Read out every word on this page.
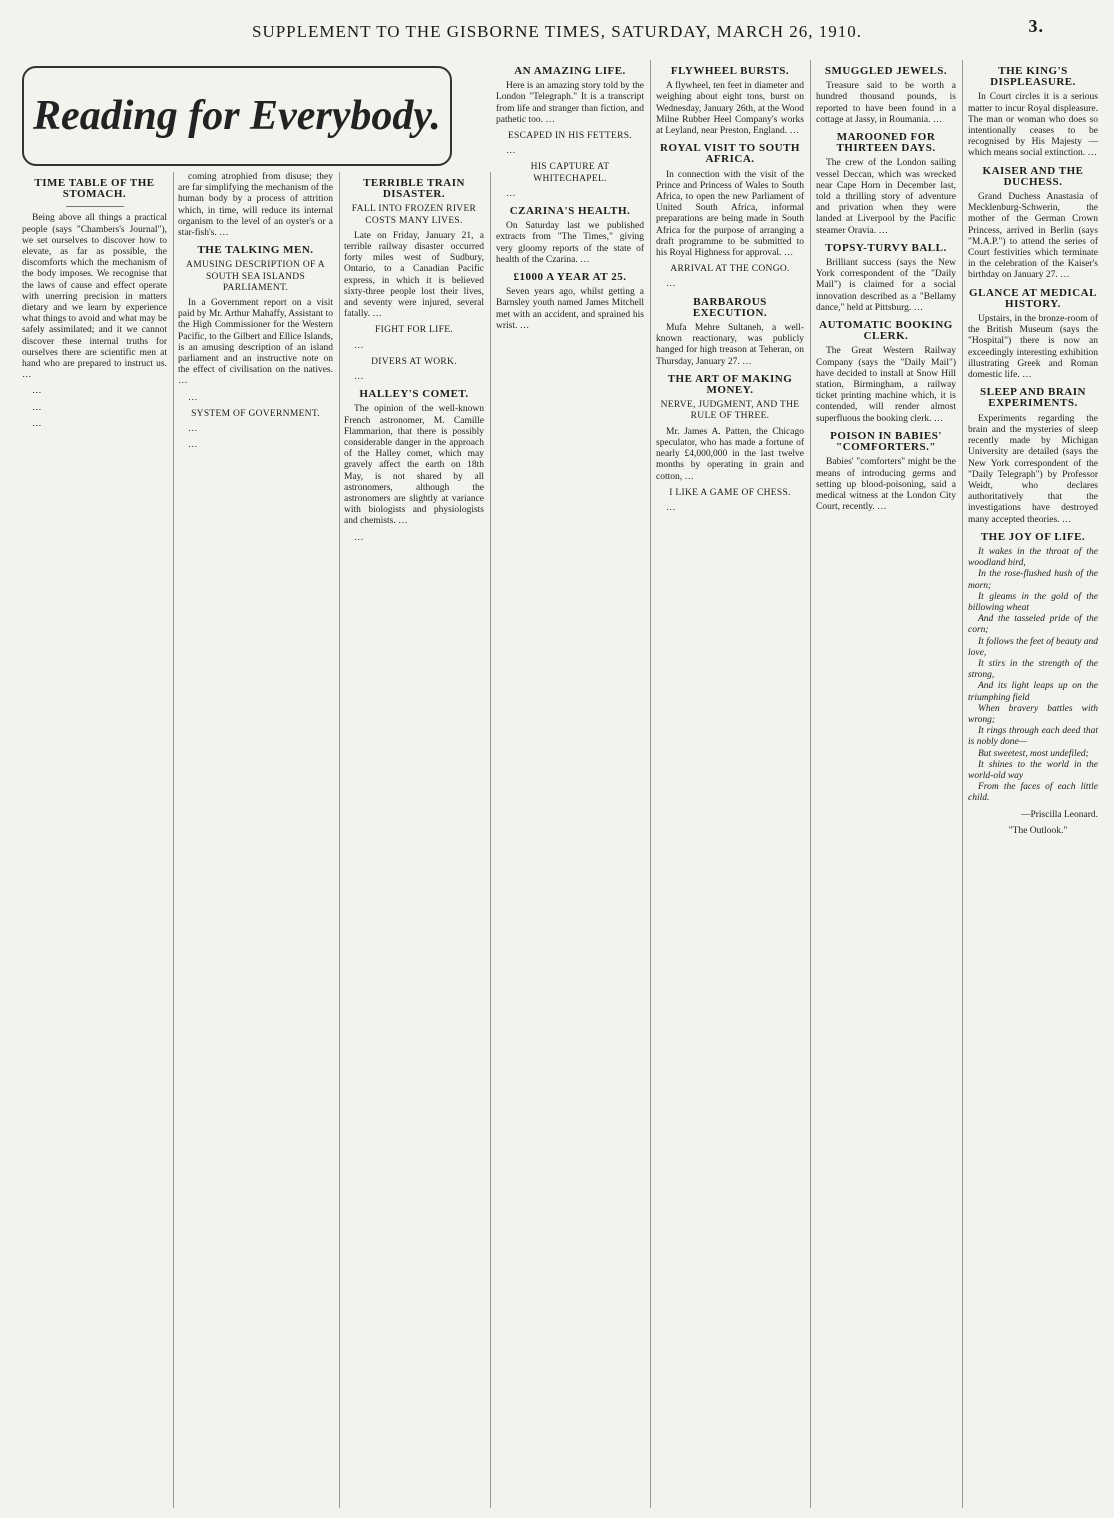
SUPPLEMENT TO THE GISBORNE TIMES, SATURDAY, MARCH 26, 1910.	3.
Reading for Everybody.
TIME TABLE OF THE STOMACH.

Being above all things a practical people (says "Chambers's Journal"), we set ourselves to discover how to elevate, as far as possible, the discomforts which the mechanism of the body imposes. We recognise that the laws of cause and effect operate with unerring precision in matters dietary and we learn by experience what things to avoid and what may be safely assimilated; and it we cannot discover these internal truths for ourselves there are scientific men at hand who are prepared to instruct us. …

…

…

…

coming atrophied from disuse; they are far simplifying the mechanism of the human body by a process of attrition which, in time, will reduce its internal organism to the level of an oyster's or a star-fish's. …

THE TALKING MEN.
AMUSING DESCRIPTION OF A SOUTH SEA ISLANDS PARLIAMENT.

In a Government report on a visit paid by Mr. Arthur Mahaffy, Assistant to the High Commissioner for the Western Pacific, to the Gilbert and Ellice Islands, is an amusing description of an island parliament and an instructive note on the effect of civilisation on the natives. …

…

SYSTEM OF GOVERNMENT.

…

…

TERRIBLE TRAIN DISASTER.
FALL INTO FROZEN RIVER COSTS MANY LIVES.

Late on Friday, January 21, a terrible railway disaster occurred forty miles west of Sudbury, Ontario, to a Canadian Pacific express, in which it is believed sixty-three people lost their lives, and seventy were injured, several fatally. …

FIGHT FOR LIFE.

…

DIVERS AT WORK.

…

HALLEY'S COMET.

The opinion of the well-known French astronomer, M. Camille Flammarion, that there is possibly considerable danger in the approach of the Halley comet, which may gravely affect the earth on 18th May, is not shared by all astronomers, although the astronomers are slightly at variance with biologists and physiologists and chemists. …

…

AN AMAZING LIFE.

Here is an amazing story told by the London "Telegraph." It is a transcript from life and stranger than fiction, and pathetic too. …

ESCAPED IN HIS FETTERS.

…

HIS CAPTURE AT WHITECHAPEL.

…

CZARINA'S HEALTH.

On Saturday last we published extracts from "The Times," giving very gloomy reports of the state of health of the Czarina. …

£1000 A YEAR AT 25.

Seven years ago, whilst getting a Barnsley youth named James Mitchell met with an accident, and sprained his wrist. …

FLYWHEEL BURSTS.

A flywheel, ten feet in diameter and weighing about eight tons, burst on Wednesday, January 26th, at the Wood Milne Rubber Heel Company's works at Leyland, near Preston, England. …

ROYAL VISIT TO SOUTH AFRICA.

In connection with the visit of the Prince and Princess of Wales to South Africa, to open the new Parliament of United South Africa, informal preparations are being made in South Africa for the purpose of arranging a draft programme to be submitted to his Royal Highness for approval. …

ARRIVAL AT THE CONGO.

…

BARBAROUS EXECUTION.

Mufa Mehre Sultaneh, a well-known reactionary, was publicly hanged for high treason at Teheran, on Thursday, January 27. …

THE ART OF MAKING MONEY.
NERVE, JUDGMENT, AND THE RULE OF THREE.

Mr. James A. Patten, the Chicago speculator, who has made a fortune of nearly £4,000,000 in the last twelve months by operating in grain and cotton, …

I LIKE A GAME OF CHESS.

…

SMUGGLED JEWELS.

Treasure said to be worth a hundred thousand pounds, is reported to have been found in a cottage at Jassy, in Roumania. …

MAROONED FOR THIRTEEN DAYS.

The crew of the London sailing vessel Deccan, which was wrecked near Cape Horn in December last, told a thrilling story of adventure and privation when they were landed at Liverpool by the Pacific steamer Oravia. …

TOPSY-TURVY BALL.

Brilliant success (says the New York correspondent of the "Daily Mail") is claimed for a social innovation described as a "Bellamy dance," held at Pittsburg. …

AUTOMATIC BOOKING CLERK.

The Great Western Railway Company (says the "Daily Mail") have decided to install at Snow Hill station, Birmingham, a railway ticket printing machine which, it is contended, will render almost superfluous the booking clerk. …

POISON IN BABIES' "COMFORTERS."

Babies' "comforters" might be the means of introducing germs and setting up blood-poisoning, said a medical witness at the London City Court, recently. …

THE KING'S DISPLEASURE.

In Court circles it is a serious matter to incur Royal displeasure. The man or woman who does so intentionally ceases to be recognised by His Majesty — which means social extinction. …

KAISER AND THE DUCHESS.

Grand Duchess Anastasia of Mecklenburg-Schwerin, the mother of the German Crown Princess, arrived in Berlin (says "M.A.P.") to attend the series of Court festivities which terminate in the celebration of the Kaiser's birthday on January 27. …

GLANCE AT MEDICAL HISTORY.

Upstairs, in the bronze-room of the British Museum (says the "Hospital") there is now an exceedingly interesting exhibition illustrating Greek and Roman domestic life. …

SLEEP AND BRAIN EXPERIMENTS.

Experiments regarding the brain and the mysteries of sleep recently made by Michigan University are detailed (says the New York correspondent of the "Daily Telegraph") by Professor Weidt, who declares authoritatively that the investigations have destroyed many accepted theories. …

THE JOY OF LIFE.

It wakes in the throat of the woodland bird,
In the rose-flushed hush of the morn;
It gleams in the gold of the billowing wheat
And the tasseled pride of the corn;
It follows the feet of beauty and love,
It stirs in the strength of the strong,
And its light leaps up on the triumphing field
When bravery battles with wrong;
It rings through each deed that is nobly done—
But sweetest, most undefiled;
It shines to the world in the world-old way
From the faces of each little child.

—Priscilla Leonard.

"The Outlook."
